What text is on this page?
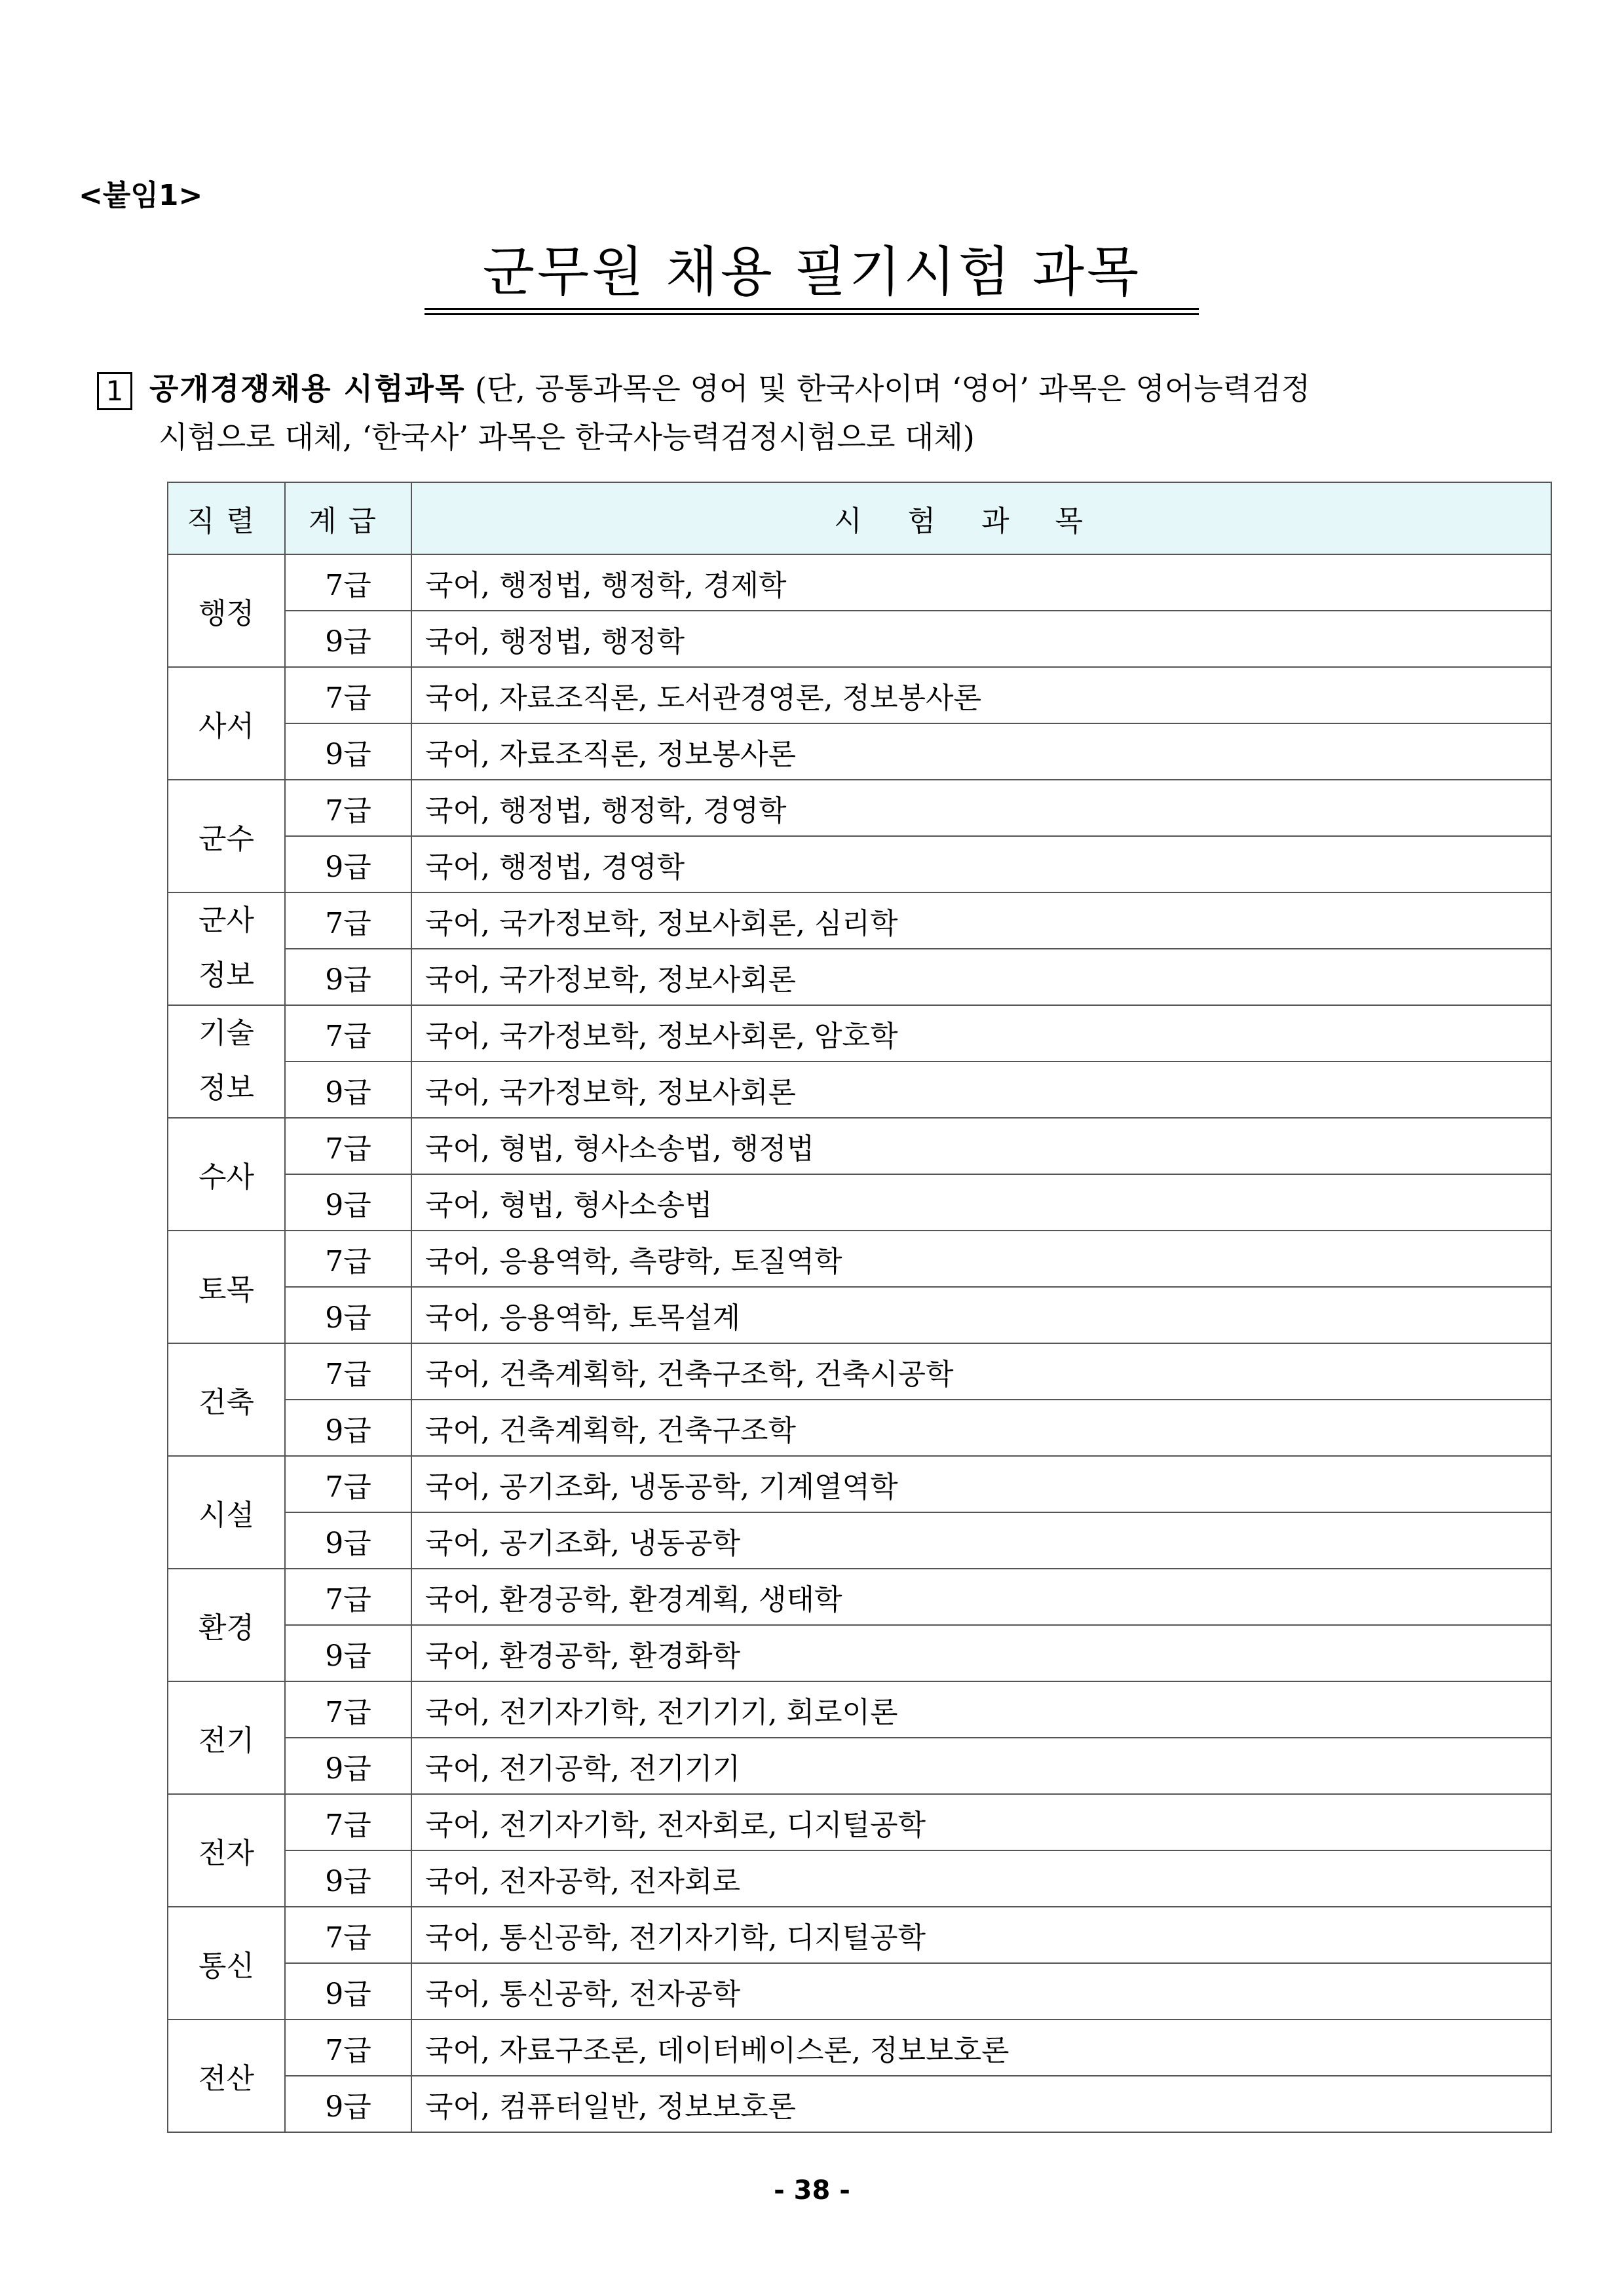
<붙임1>
군무원 채용 필기시험 과목
1 공개경쟁채용 시험과목 (단, 공통과목은 영어 및 한국사이며 ‘영어’ 과목은 영어능력검정
시험으로 대체, ‘한국사’ 과목은 한국사능력검정시험으로 대체)
직렬	계급	시험과목
행정	7급	국어, 행정법, 행정학, 경제학
	9급	국어, 행정법, 행정학
사서	7급	국어, 자료조직론, 도서관경영론, 정보봉사론
	9급	국어, 자료조직론, 정보봉사론
군수	7급	국어, 행정법, 행정학, 경영학
	9급	국어, 행정법, 경영학

군사
정보	7급	국어, 국가정보학, 정보사회론, 심리학
	9급	국어, 국가정보학, 정보사회론

기술
정보	7급	국어, 국가정보학, 정보사회론, 암호학
	9급	국어, 국가정보학, 정보사회론
수사	7급	국어, 형법, 형사소송법, 행정법
	9급	국어, 형법, 형사소송법
토목	7급	국어, 응용역학, 측량학, 토질역학
	9급	국어, 응용역학, 토목설계
건축	7급	국어, 건축계획학, 건축구조학, 건축시공학
	9급	국어, 건축계획학, 건축구조학
시설	7급	국어, 공기조화, 냉동공학, 기계열역학
	9급	국어, 공기조화, 냉동공학
환경	7급	국어, 환경공학, 환경계획, 생태학
	9급	국어, 환경공학, 환경화학
전기	7급	국어, 전기자기학, 전기기기, 회로이론
	9급	국어, 전기공학, 전기기기
전자	7급	국어, 전기자기학, 전자회로, 디지털공학
	9급	국어, 전자공학, 전자회로
통신	7급	국어, 통신공학, 전기자기학, 디지털공학
	9급	국어, 통신공학, 전자공학
전산	7급	국어, 자료구조론, 데이터베이스론, 정보보호론
	9급	국어, 컴퓨터일반, 정보보호론
- 38 -
